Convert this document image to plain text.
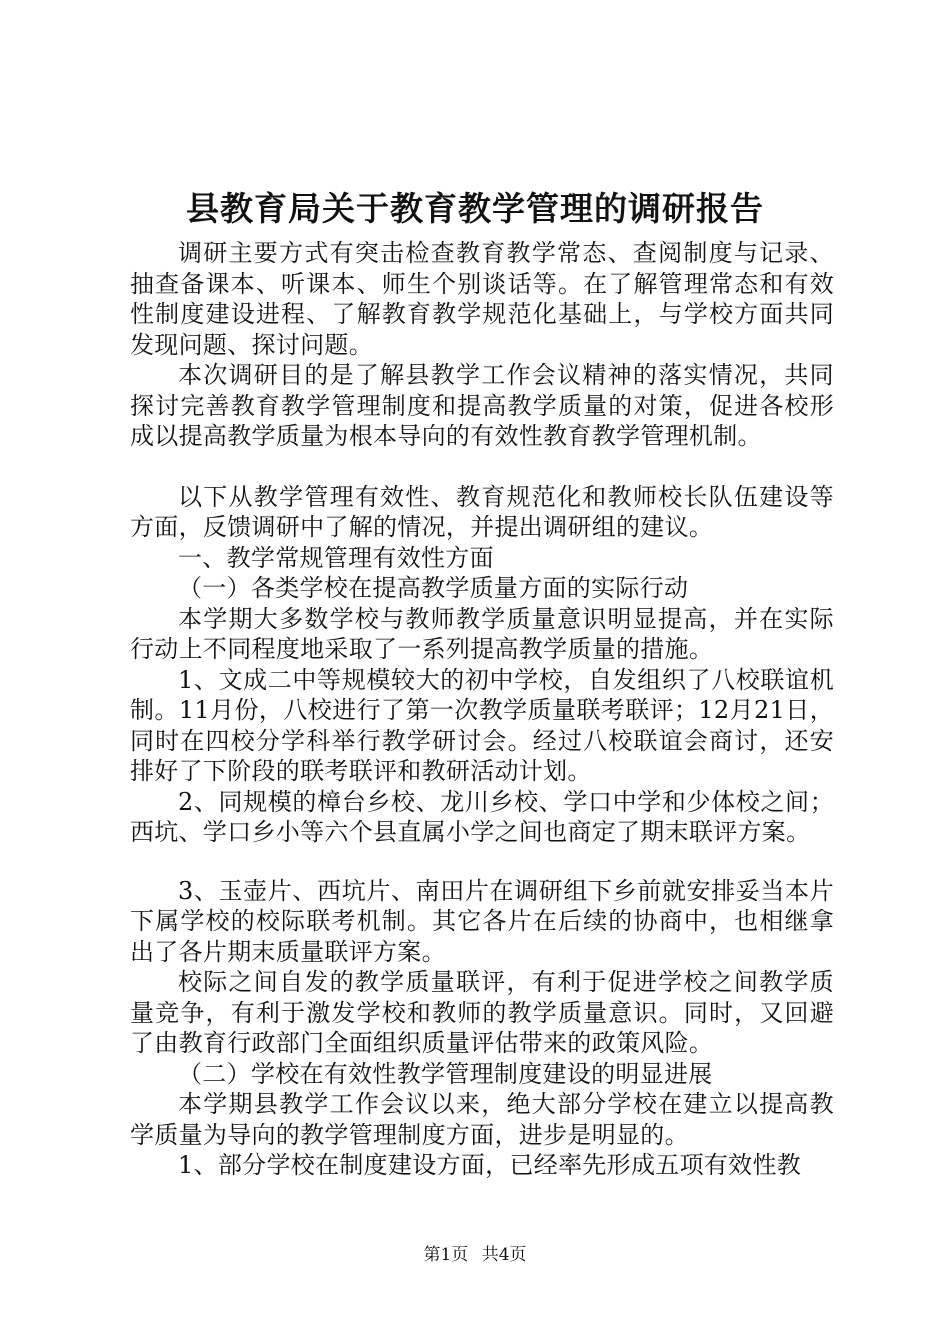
县教育局关于教育教学管理的调研报告

调研主要方式有突击检查教育教学常态、查阅制度与记录、抽查备课本、听课本、师生个别谈话等。在了解管理常态和有效性制度建设进程、了解教育教学规范化基础上，与学校方面共同发现问题、探讨问题。

本次调研目的是了解县教学工作会议精神的落实情况，共同探讨完善教育教学管理制度和提高教学质量的对策，促进各校形成以提高教学质量为根本导向的有效性教育教学管理机制。

以下从教学管理有效性、教育规范化和教师校长队伍建设等方面，反馈调研中了解的情况，并提出调研组的建议。

一、教学常规管理有效性方面

（一）各类学校在提高教学质量方面的实际行动

本学期大多数学校与教师教学质量意识明显提高，并在实际行动上不同程度地采取了一系列提高教学质量的措施。

1、文成二中等规模较大的初中学校，自发组织了八校联谊机制。11月份，八校进行了第一次教学质量联考联评；12月21日，同时在四校分学科举行教学研讨会。经过八校联谊会商讨，还安排好了下阶段的联考联评和教研活动计划。

2、同规模的樟台乡校、龙川乡校、学口中学和少体校之间；西坑、学口乡小等六个县直属小学之间也商定了期末联评方案。

3、玉壶片、西坑片、南田片在调研组下乡前就安排妥当本片下属学校的校际联考机制。其它各片在后续的协商中，也相继拿出了各片期末质量联评方案。

校际之间自发的教学质量联评，有利于促进学校之间教学质量竞争，有利于激发学校和教师的教学质量意识。同时，又回避了由教育行政部门全面组织质量评估带来的政策风险。

（二）学校在有效性教学管理制度建设的明显进展

本学期县教学工作会议以来，绝大部分学校在建立以提高教学质量为导向的教学管理制度方面，进步是明显的。

1、部分学校在制度建设方面，已经率先形成五项有效性教

第1页 共4页
